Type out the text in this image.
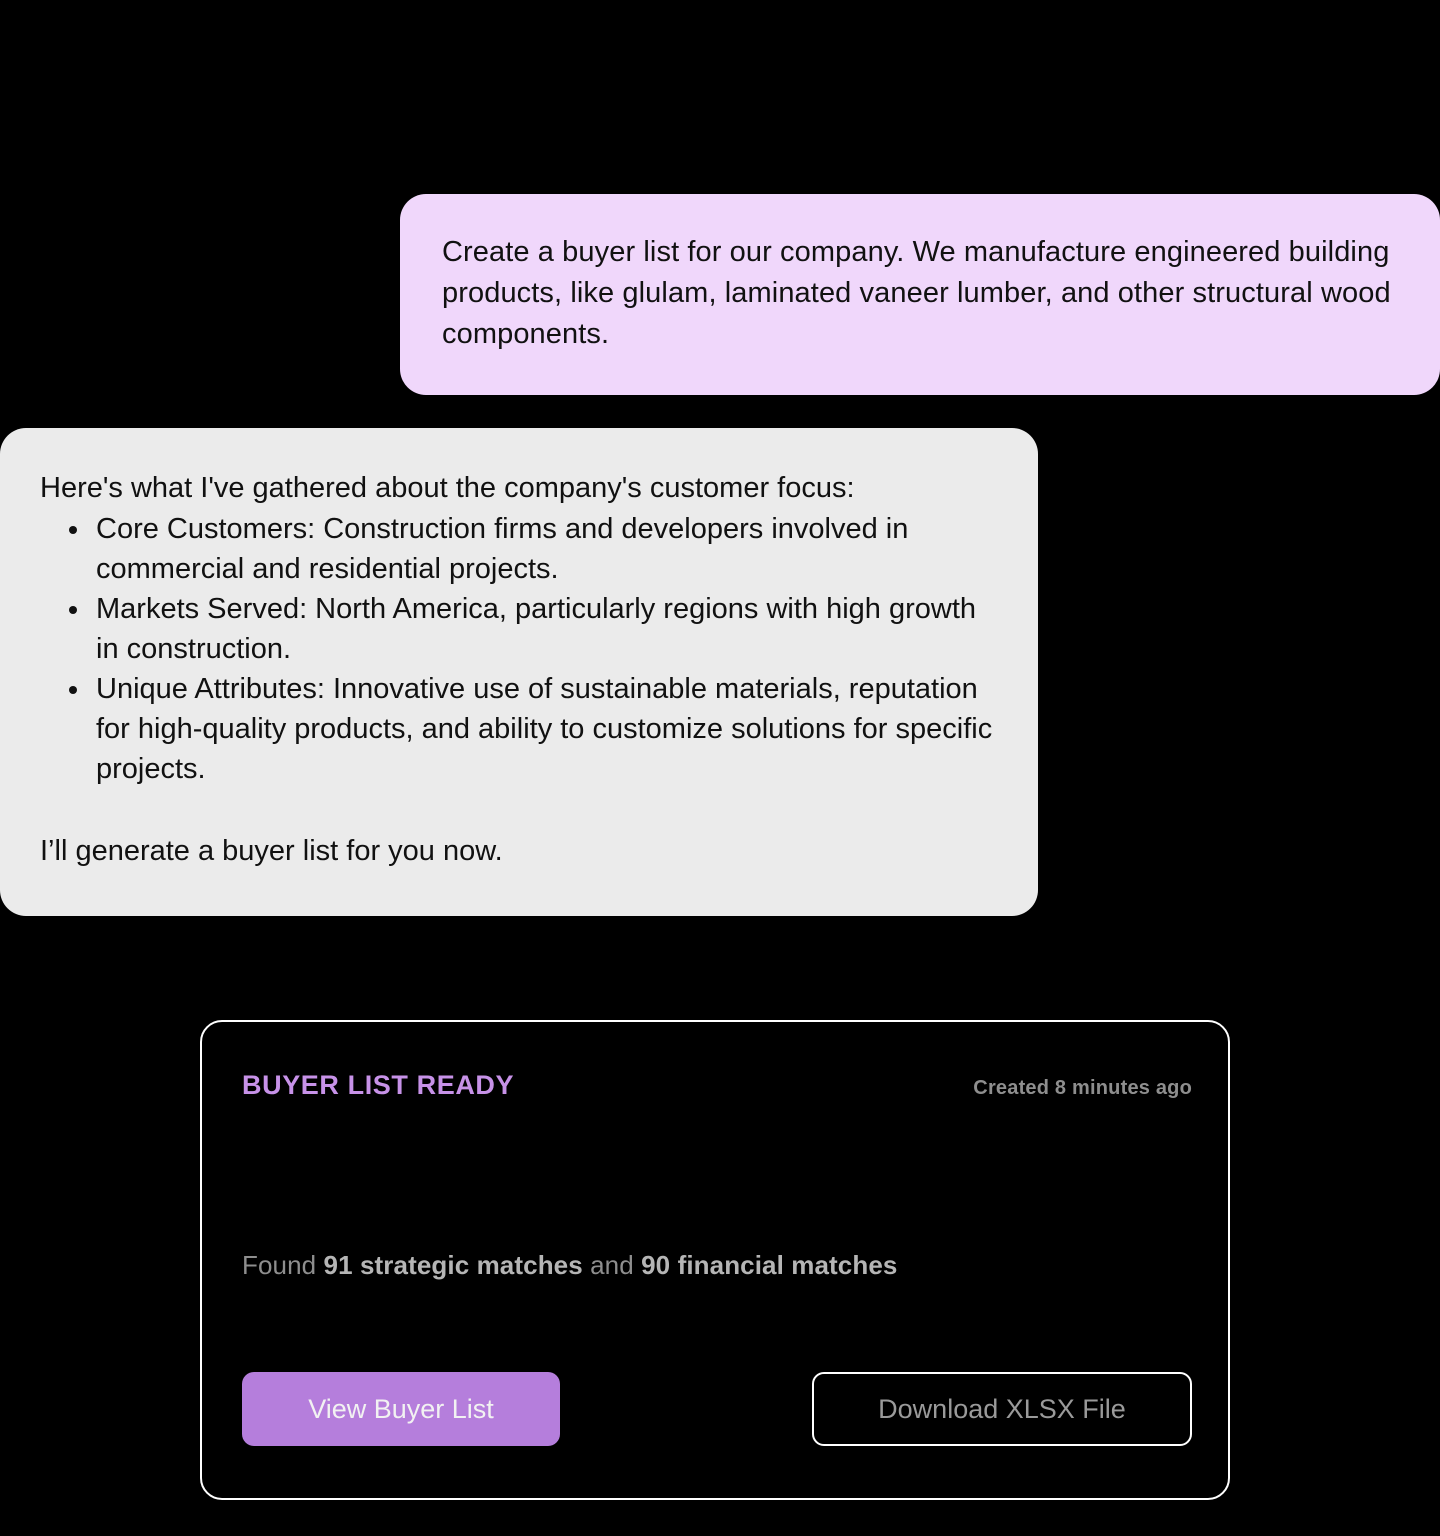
Create a buyer list for our company. We manufacture engineered building products, like glulam, laminated vaneer lumber, and other structural wood components.
Here's what I've gathered about the company's customer focus:
• Core Customers: Construction firms and developers involved in commercial and residential projects.
• Markets Served: North America, particularly regions with high growth in construction.
• Unique Attributes: Innovative use of sustainable materials, reputation for high-quality products, and ability to customize solutions for specific projects.
I’ll generate a buyer list for you now.
BUYER LIST READY	Created 8 minutes ago
Found 91 strategic matches and 90 financial matches
View Buyer List	Download XLSX File
